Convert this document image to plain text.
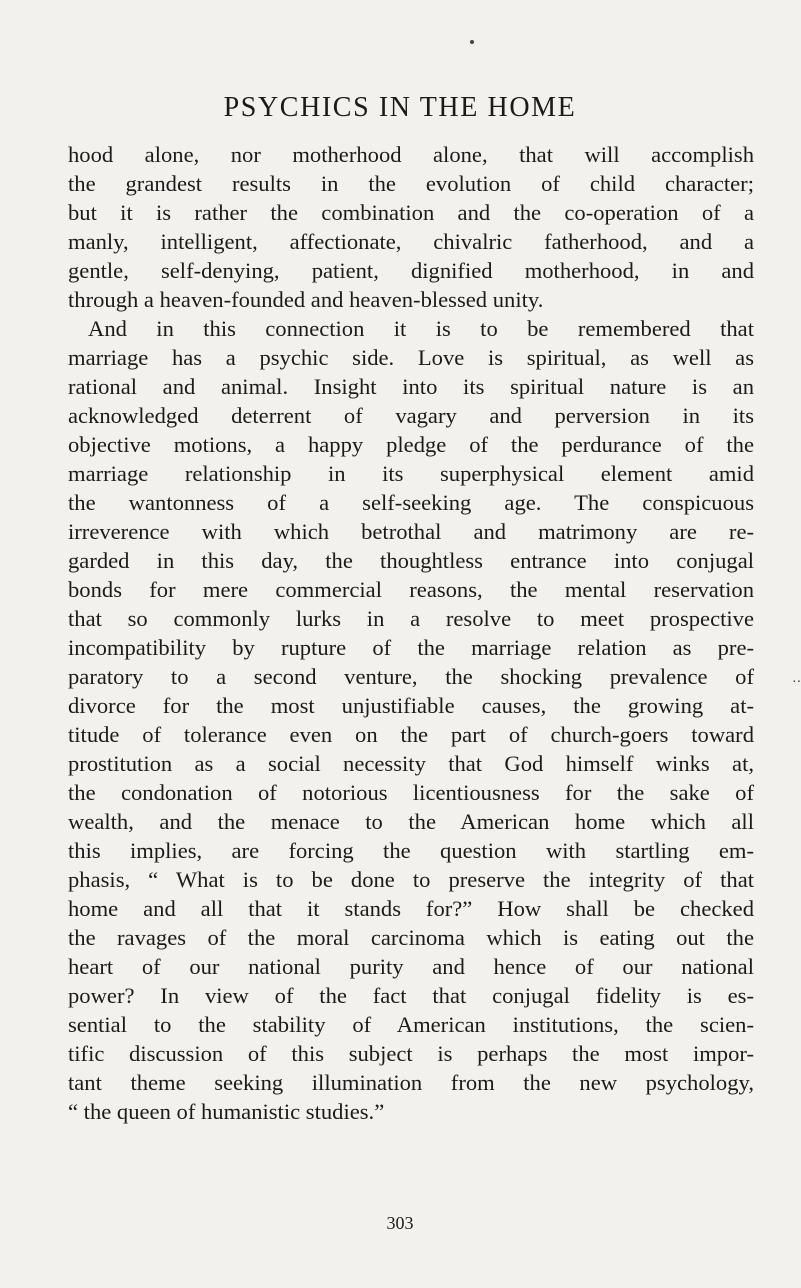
PSYCHICS IN THE HOME
hood alone, nor motherhood alone, that will accomplish
the grandest results in the evolution of child character;
but it is rather the combination and the co-operation of a
manly, intelligent, affectionate, chivalric fatherhood, and a
gentle, self-denying, patient, dignified motherhood, in and
through a heaven-founded and heaven-blessed unity.
And in this connection it is to be remembered that
marriage has a psychic side. Love is spiritual, as well as
rational and animal. Insight into its spiritual nature is an
acknowledged deterrent of vagary and perversion in its
objective motions, a happy pledge of the perdurance of the
marriage relationship in its superphysical element amid
the wantonness of a self-seeking age. The conspicuous
irreverence with which betrothal and matrimony are re-
garded in this day, the thoughtless entrance into conjugal
bonds for mere commercial reasons, the mental reservation
that so commonly lurks in a resolve to meet prospective
incompatibility by rupture of the marriage relation as pre-
paratory to a second venture, the shocking prevalence of
divorce for the most unjustifiable causes, the growing at-
titude of tolerance even on the part of church-goers toward
prostitution as a social necessity that God himself winks at,
the condonation of notorious licentiousness for the sake of
wealth, and the menace to the American home which all
this implies, are forcing the question with startling em-
phasis, “ What is to be done to preserve the integrity of that
home and all that it stands for?” How shall be checked
the ravages of the moral carcinoma which is eating out the
heart of our national purity and hence of our national
power? In view of the fact that conjugal fidelity is es-
sential to the stability of American institutions, the scien-
tific discussion of this subject is perhaps the most impor-
tant theme seeking illumination from the new psychology,
“ the queen of humanistic studies.”
··
303
